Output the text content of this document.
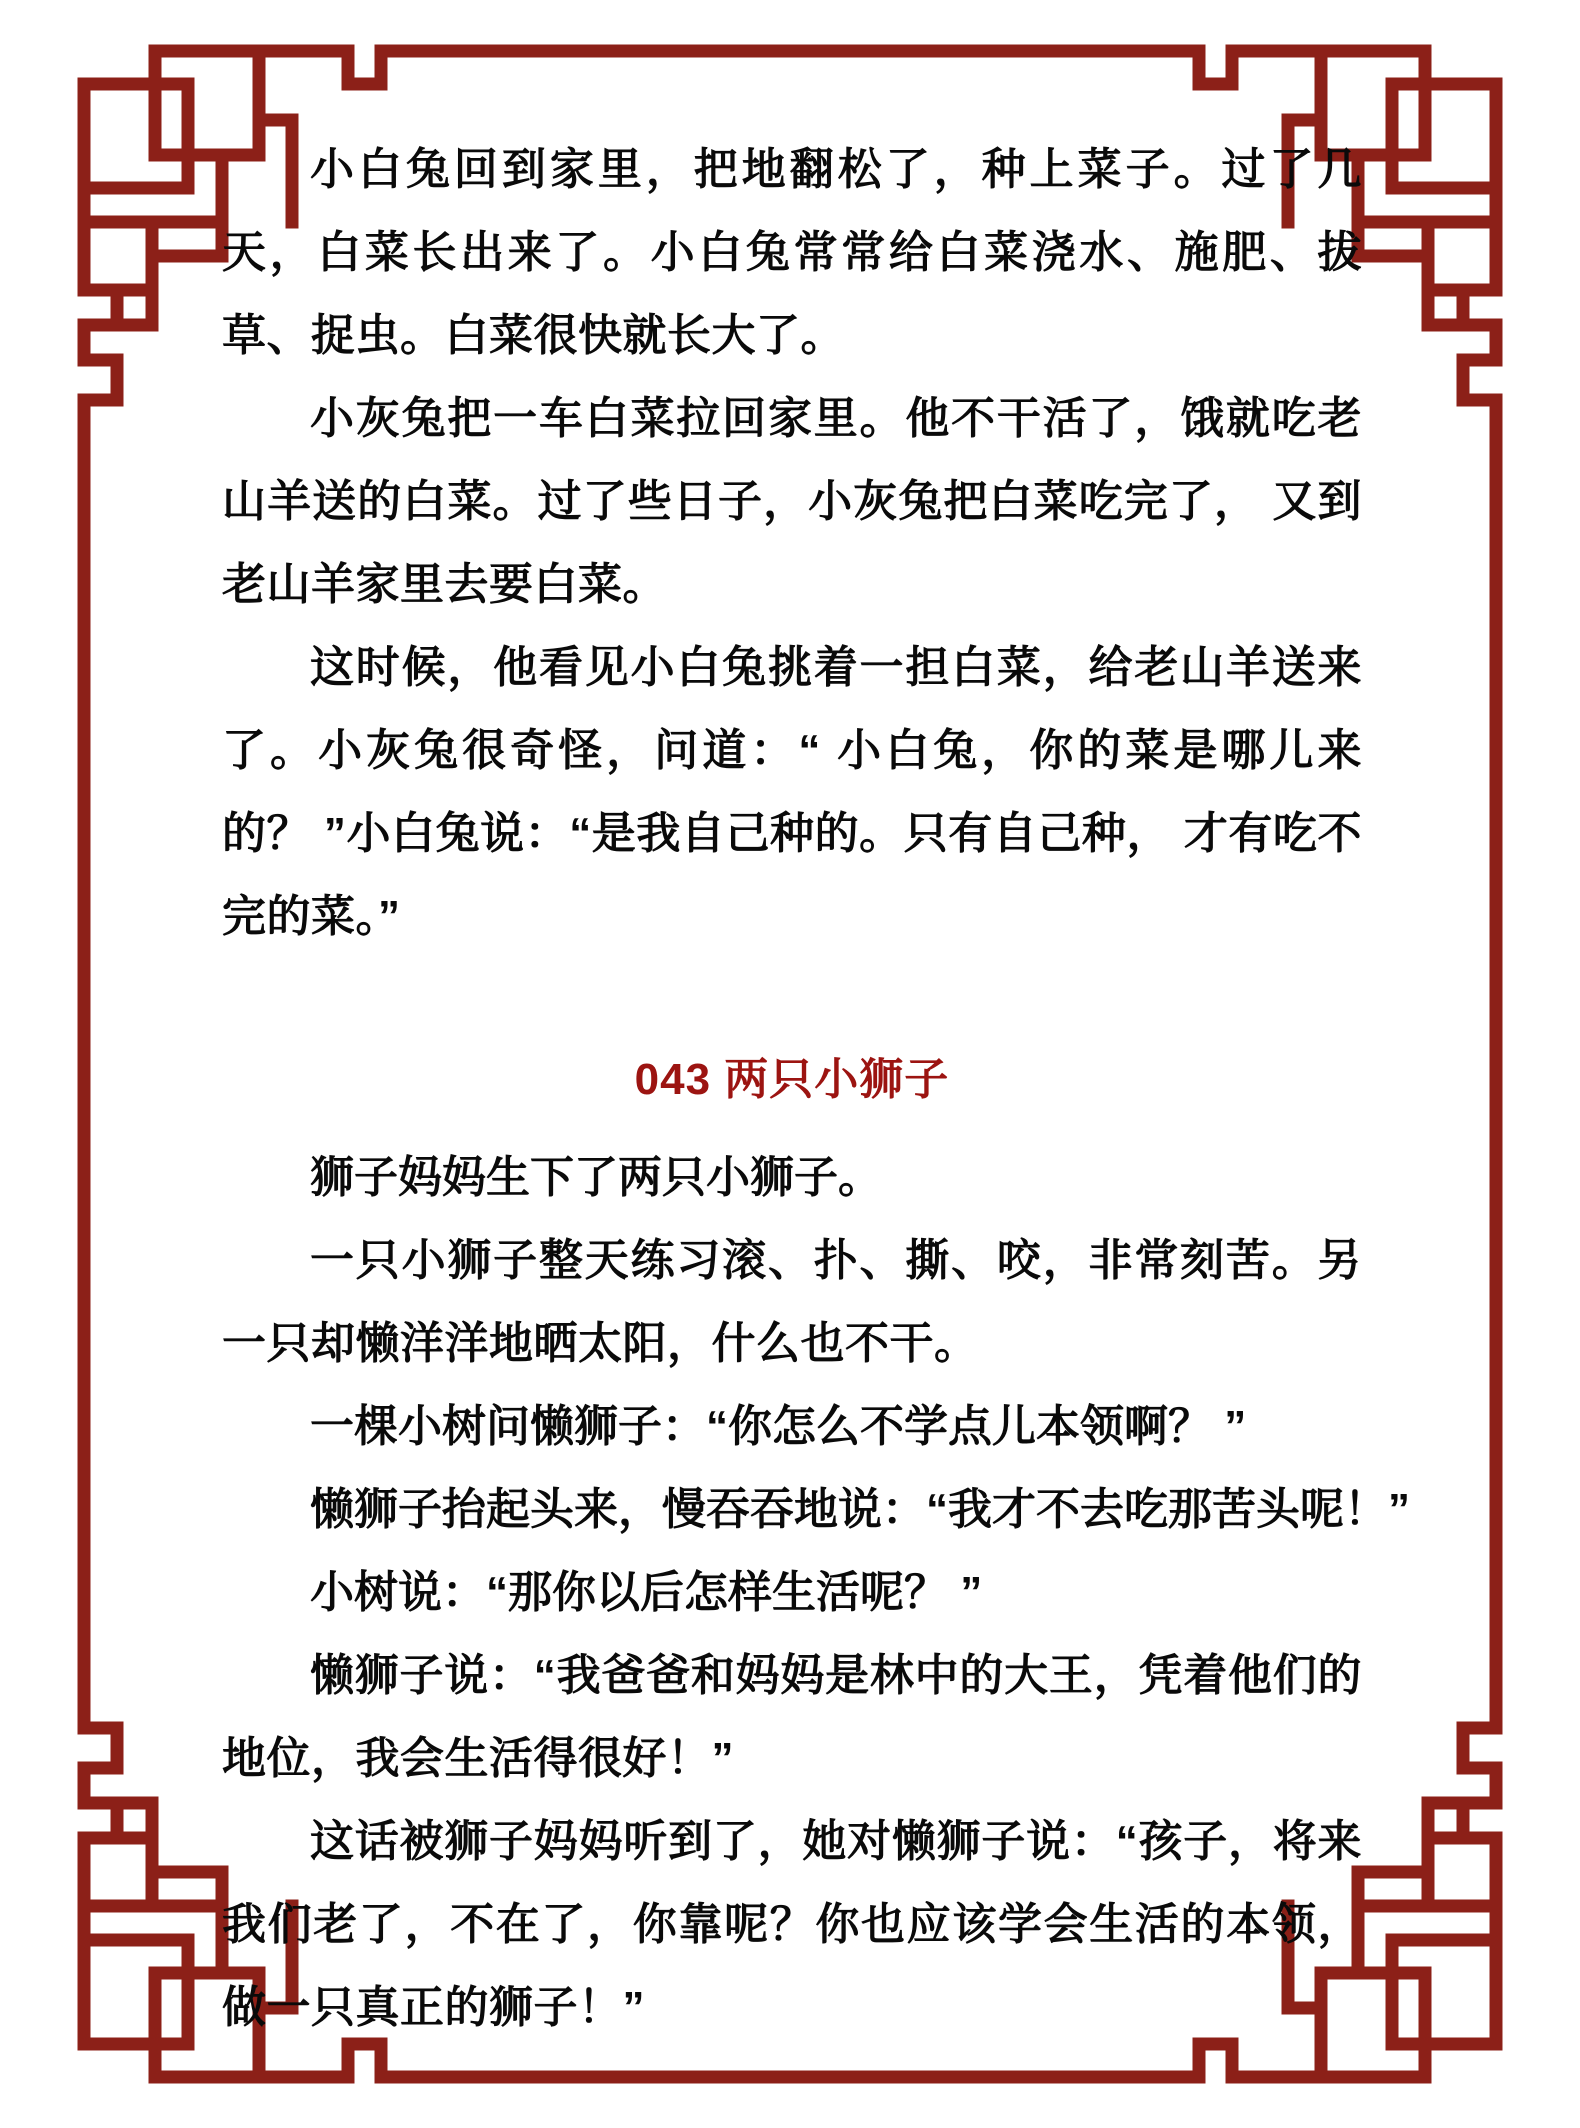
小白兔回到家里，把地翻松了，种上菜子。过了几天，白菜长出来了。小白兔常常给白菜浇水、施肥、拔草、捉虫。白菜很快就长大了。

小灰兔把一车白菜拉回家里。他不干活了，饿就吃老山羊送的白菜。过了些日子，小灰兔把白菜吃完了， 又到老山羊家里去要白菜。

这时候，他看见小白兔挑着一担白菜，给老山羊送来了。小灰兔很奇怪，问道：“ 小白兔，你的菜是哪儿来的？ ”小白兔说：“是我自己种的。只有自己种， 才有吃不完的菜。”

043 两只小狮子

狮子妈妈生下了两只小狮子。

一只小狮子整天练习滚、扑、撕、咬，非常刻苦。另一只却懒洋洋地晒太阳，什么也不干。

一棵小树问懒狮子：“你怎么不学点儿本领啊？ ”

懒狮子抬起头来，慢吞吞地说：“我才不去吃那苦头呢！”

小树说：“那你以后怎样生活呢？ ”

懒狮子说：“我爸爸和妈妈是林中的大王，凭着他们的地位，我会生活得很好！”

这话被狮子妈妈听到了，她对懒狮子说：“孩子，将来我们老了，不在了，你靠呢？你也应该学会生活的本领，做一只真正的狮子！”
